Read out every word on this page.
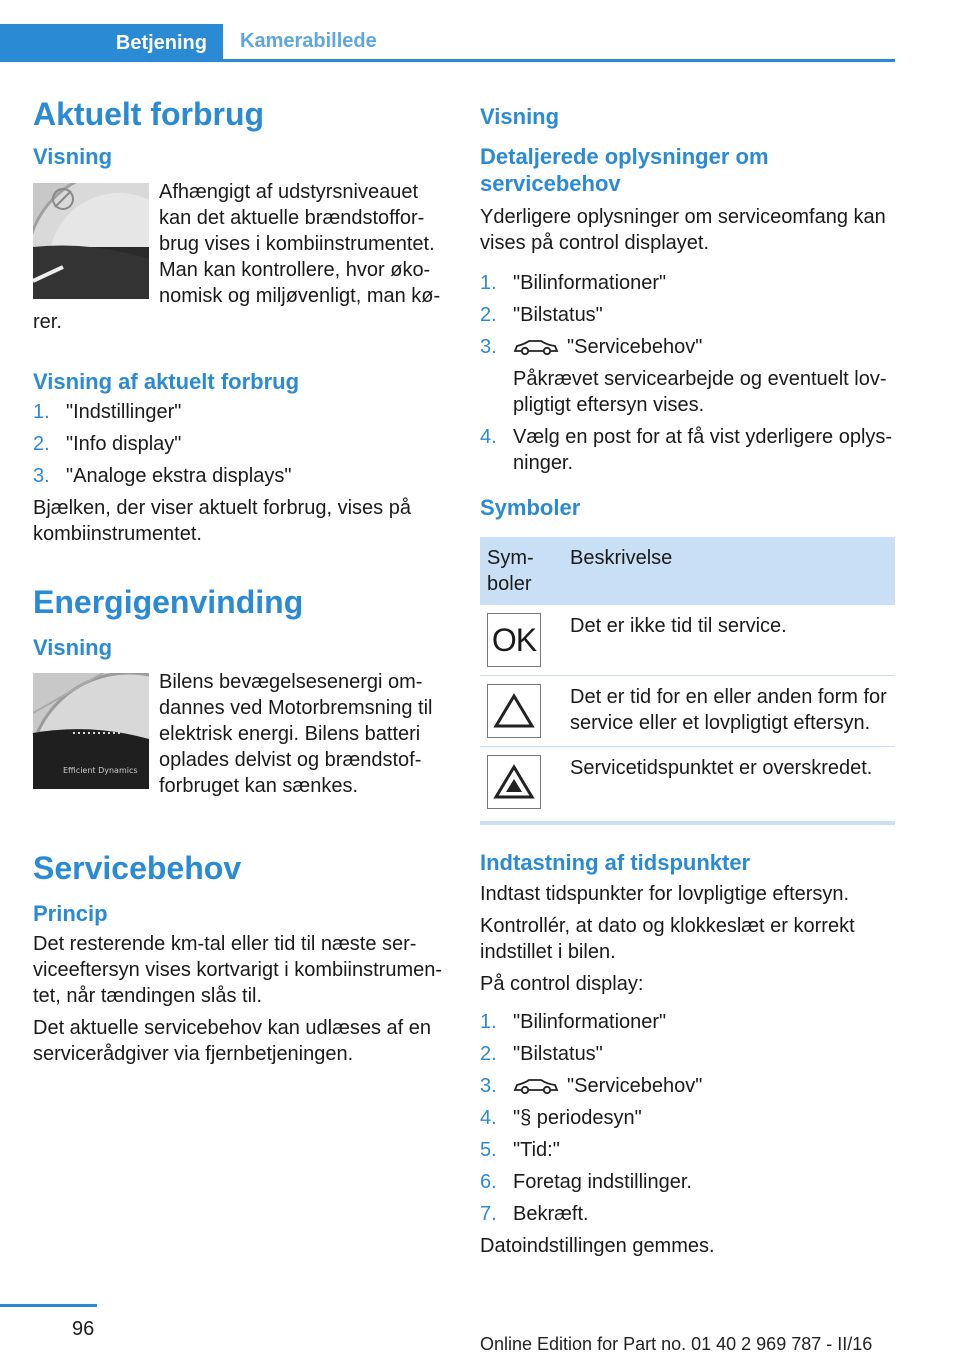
Betjening	Kamerabillede
Aktuelt forbrug
Visning

Afhængigt af udstyrsniveauet kan det aktuelle brændstoffor-brug vises i kombiinstrumentet. Man kan kontrollere, hvor øko-nomisk og miljøvenligt, man kø-rer.

Visning af aktuelt forbrug
1. "Indstillinger"
2. "Info display"
3. "Analoge ekstra displays"

Bjælken, der viser aktuelt forbrug, vises på kombiinstrumentet.

Energigenvinding
Visning
Efficient Dynamics

Bilens bevægelsesenergi om-dannes ved Motorbremsning til elektrisk energi. Bilens batteri oplades delvist og brændstof-forbruget kan sænkes.

Servicebehov
Princip

Det resterende km-tal eller tid til næste ser-viceeftersyn vises kortvarigt i kombiinstrumen-tet, når tændingen slås til.

Det aktuelle servicebehov kan udlæses af en servicerådgiver via fjernbetjeningen.

Visning
Detaljerede oplysninger om servicebehov

Yderligere oplysninger om serviceomfang kan vises på control displayet.

1. "Bilinformationer"
2. "Bilstatus"
3.	"Servicebehov"
Påkrævet servicearbejde og eventuelt lov-pligtigt eftersyn vises.
4. Vælg en post for at få vist yderligere oplys-ninger.
Symboler
Sym-boler	Beskrivelse

OK	Det er ikke tid til service.

	Det er tid for en eller anden form for service eller et lovpligtigt eftersyn.

	Servicetidspunktet er overskredet.
Indtastning af tidspunkter

Indtast tidspunkter for lovpligtige eftersyn.

Kontrollér, at dato og klokkeslæt er korrekt indstillet i bilen.

På control display:

1. "Bilinformationer"
2. "Bilstatus"
3.	"Servicebehov"
4. "§ periodesyn"
5. "Tid:"
6. Foretag indstillinger.
7. Bekræft.

Datoindstillingen gemmes.

96
Online Edition for Part no. 01 40 2 969 787 - II/16
